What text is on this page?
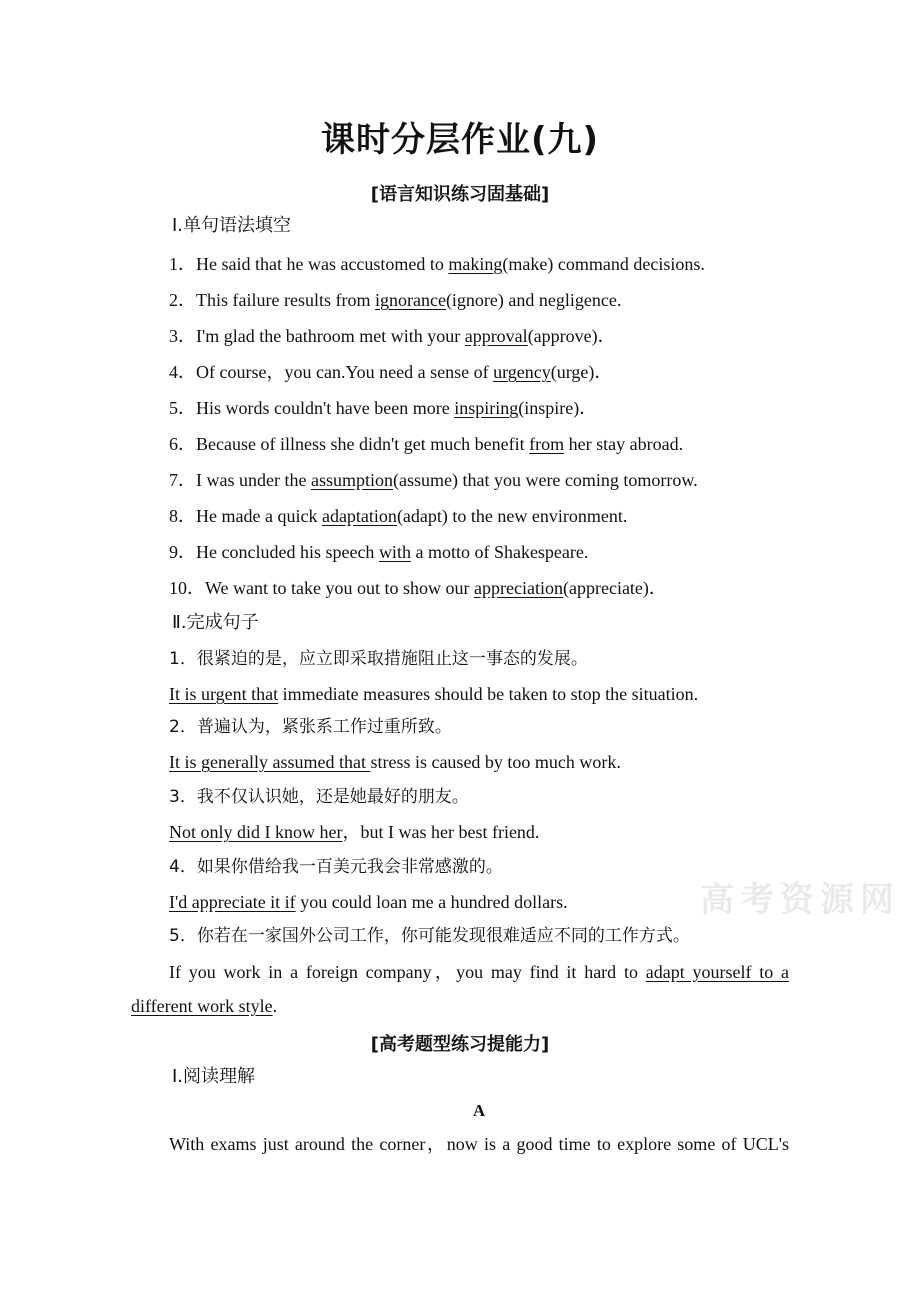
课时分层作业(九)
[语言知识练习固基础]
Ⅰ.单句语法填空
1．He said that he was accustomed to making(make) command decisions.
2．This failure results from ignorance(ignore) and negligence.
3．I'm glad the bathroom met with your approval(approve)．
4．Of course，you can.You need a sense of urgency(urge)．
5．His words couldn't have been more inspiring(inspire)．
6．Because of illness she didn't get much benefit from her stay abroad.
7．I was under the assumption(assume) that you were coming tomorrow.
8．He made a quick adaptation(adapt) to the new environment.
9．He concluded his speech with a motto of Shakespeare.
10．We want to take you out to show our appreciation(appreciate)．
Ⅱ.完成句子
1．很紧迫的是，应立即采取措施阻止这一事态的发展。
It is urgent that immediate measures should be taken to stop the situation.
2．普遍认为，紧张系工作过重所致。
It is generally assumed that stress is caused by too much work.
3．我不仅认识她，还是她最好的朋友。
Not only did I know her，but I was her best friend.
4．如果你借给我一百美元我会非常感激的。
I'd appreciate it if you could loan me a hundred dollars.
5．你若在一家国外公司工作，你可能发现很难适应不同的工作方式。
If you work in a foreign company，you may find it hard to adapt yourself to a
different work style.
[高考题型练习提能力]
Ⅰ.阅读理解
A
With exams just around the corner，now is a good time to explore some of UCL's
高考资源网
